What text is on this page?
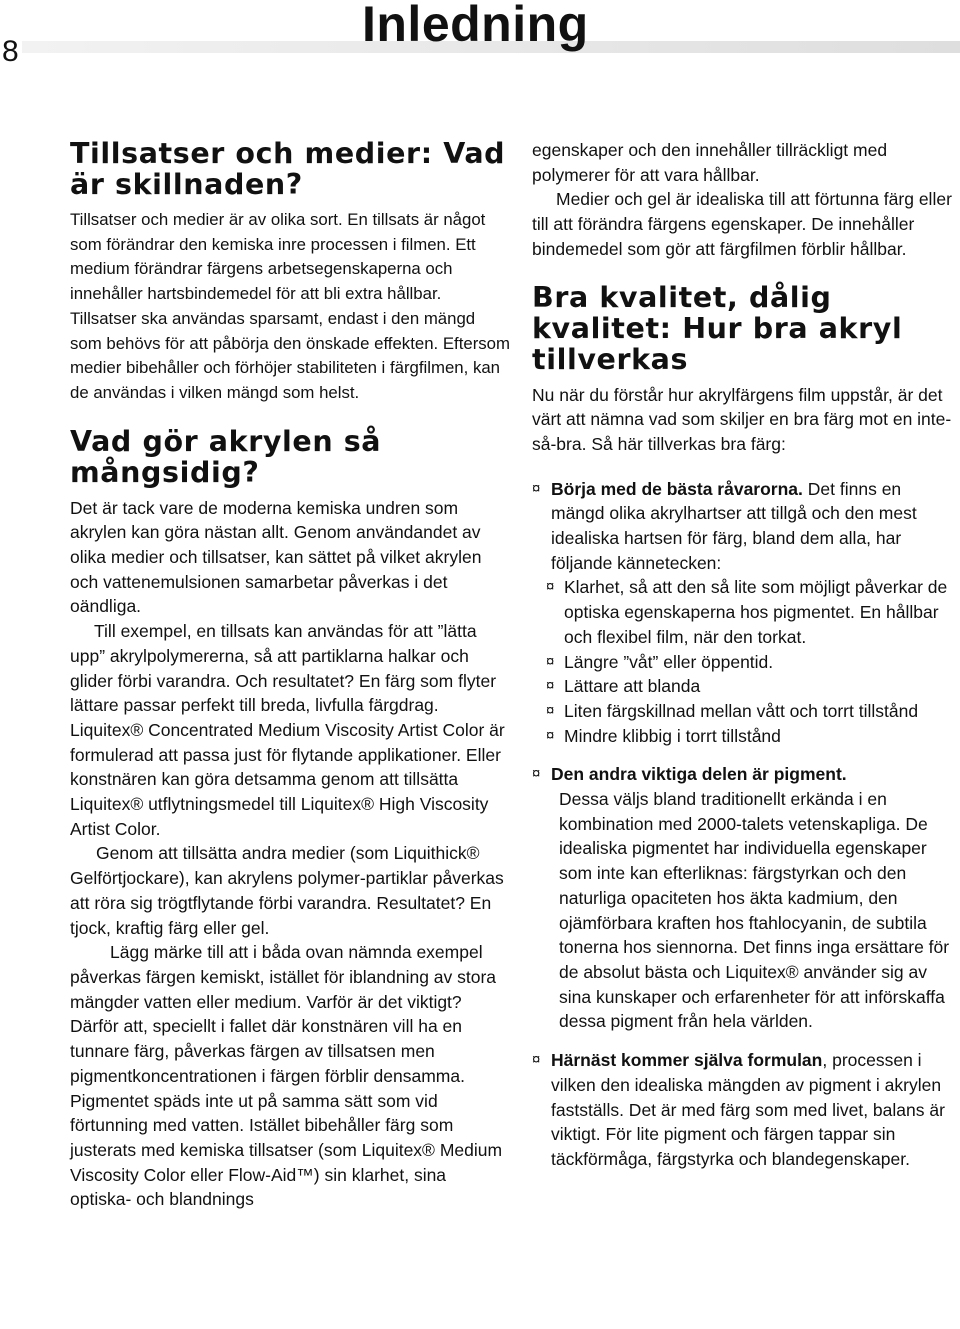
8	Inledning
Tillsatser och medier: Vad är skillnaden?

Tillsatser och medier är av olika sort. En tillsats är något som förändrar den kemiska inre processen i filmen. Ett medium förändrar färgens arbetsegenskaperna och innehåller hartsbindemedel för att bli extra hållbar. Tillsatser ska användas sparsamt, endast i den mängd som behövs för att påbörja den önskade effekten. Eftersom medier bibehåller och förhöjer stabiliteten i färgfilmen, kan de användas i vilken mängd som helst.

Vad gör akrylen så mångsidig?

Det är tack vare de moderna kemiska undren som akrylen kan göra nästan allt. Genom användandet av olika medier och tillsatser, kan sättet på vilket akrylen och vattenemulsionen samarbetar påverkas i det oändliga.

Till exempel, en tillsats kan användas för att ”lätta upp” akrylpolymererna, så att partiklarna halkar och glider förbi varandra. Och resultatet? En färg som flyter lättare passar perfekt till breda, livfulla färgdrag. Liquitex® Concentrated Medium Viscosity Artist Color är formulerad att passa just för flytande applikationer. Eller konstnären kan göra detsamma genom att tillsätta Liquitex® utflytningsmedel till Liquitex® High Viscosity Artist Color.

Genom att tillsätta andra medier (som Liquithick® Gelförtjockare), kan akrylens polymer-partiklar påverkas att röra sig trögtflytande förbi varandra. Resultatet? En tjock, kraftig färg eller gel.

Lägg märke till att i båda ovan nämnda exempel påverkas färgen kemiskt, istället för iblandning av stora mängder vatten eller medium. Varför är det viktigt? Därför att, speciellt i fallet där konstnären vill ha en tunnare färg, påverkas färgen av tillsatsen men pigmentkoncentrationen i färgen förblir densamma. Pigmentet späds inte ut på samma sätt som vid förtunning med vatten. Istället bibehåller färg som justerats med kemiska tillsatser (som Liquitex® Medium Viscosity Color eller Flow-Aid™) sin klarhet, sina optiska- och blandnings

egenskaper och den innehåller tillräckligt med polymerer för att vara hållbar.

Medier och gel är idealiska till att förtunna färg eller till att förändra färgens egenskaper. De innehåller bindemedel som gör att färgfilmen förblir hållbar.

Bra kvalitet, dålig kvalitet: Hur bra akryl tillverkas

Nu när du förstår hur akrylfärgens film uppstår, är det värt att nämna vad som skiljer en bra färg mot en inte-så-bra. Så här tillverkas bra färg:

¤ Börja med de bästa råvarorna. Det finns en mängd olika akrylhartser att tillgå och den mest idealiska hartsen för färg, bland dem alla, har följande kännetecken:
¤ Klarhet, så att den så lite som möjligt påverkar de optiska egenskaperna hos pigmentet. En hållbar och flexibel film, när den torkat.
¤ Längre ”våt” eller öppentid.
¤ Lättare att blanda
¤ Liten färgskillnad mellan vått och torrt tillstånd
¤ Mindre klibbig i torrt tillstånd
¤ Den andra viktiga delen är pigment.

Dessa väljs bland traditionellt erkända i en kombination med 2000-talets vetenskapliga. De idealiska pigmentet har individuella egenskaper som inte kan efterliknas: färgstyrkan och den naturliga opaciteten hos äkta kadmium, den ojämförbara kraften hos ftahlocyanin, de subtila tonerna hos siennorna. Det finns inga ersättare för de absolut bästa och Liquitex® använder sig av sina kunskaper och erfarenheter för att införskaffa dessa pigment från hela världen.
¤ Härnäst kommer själva formulan, processen i vilken den idealiska mängden av pigment i akrylen fastställs. Det är med färg som med livet, balans är viktigt. För lite pigment och färgen tappar sin täckförmåga, färgstyrka och blandegenskaper.
